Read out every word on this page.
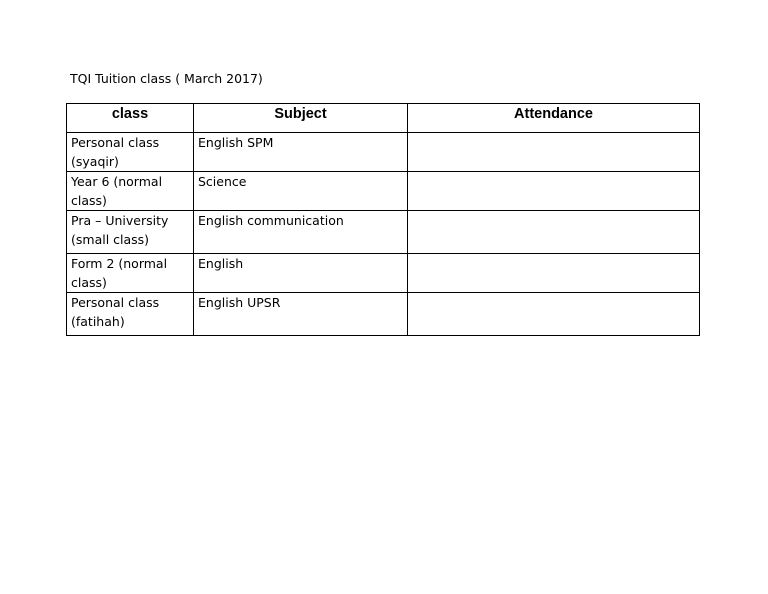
TQI Tuition class ( March 2017)
class	Subject	Attendance

Personal class
(syaqir)	English SPM	

Year 6 (normal
class)	Science	

Pra – University
(small class)	English communication	

Form 2 (normal
class)	English	

Personal class
(fatihah)	English UPSR	
